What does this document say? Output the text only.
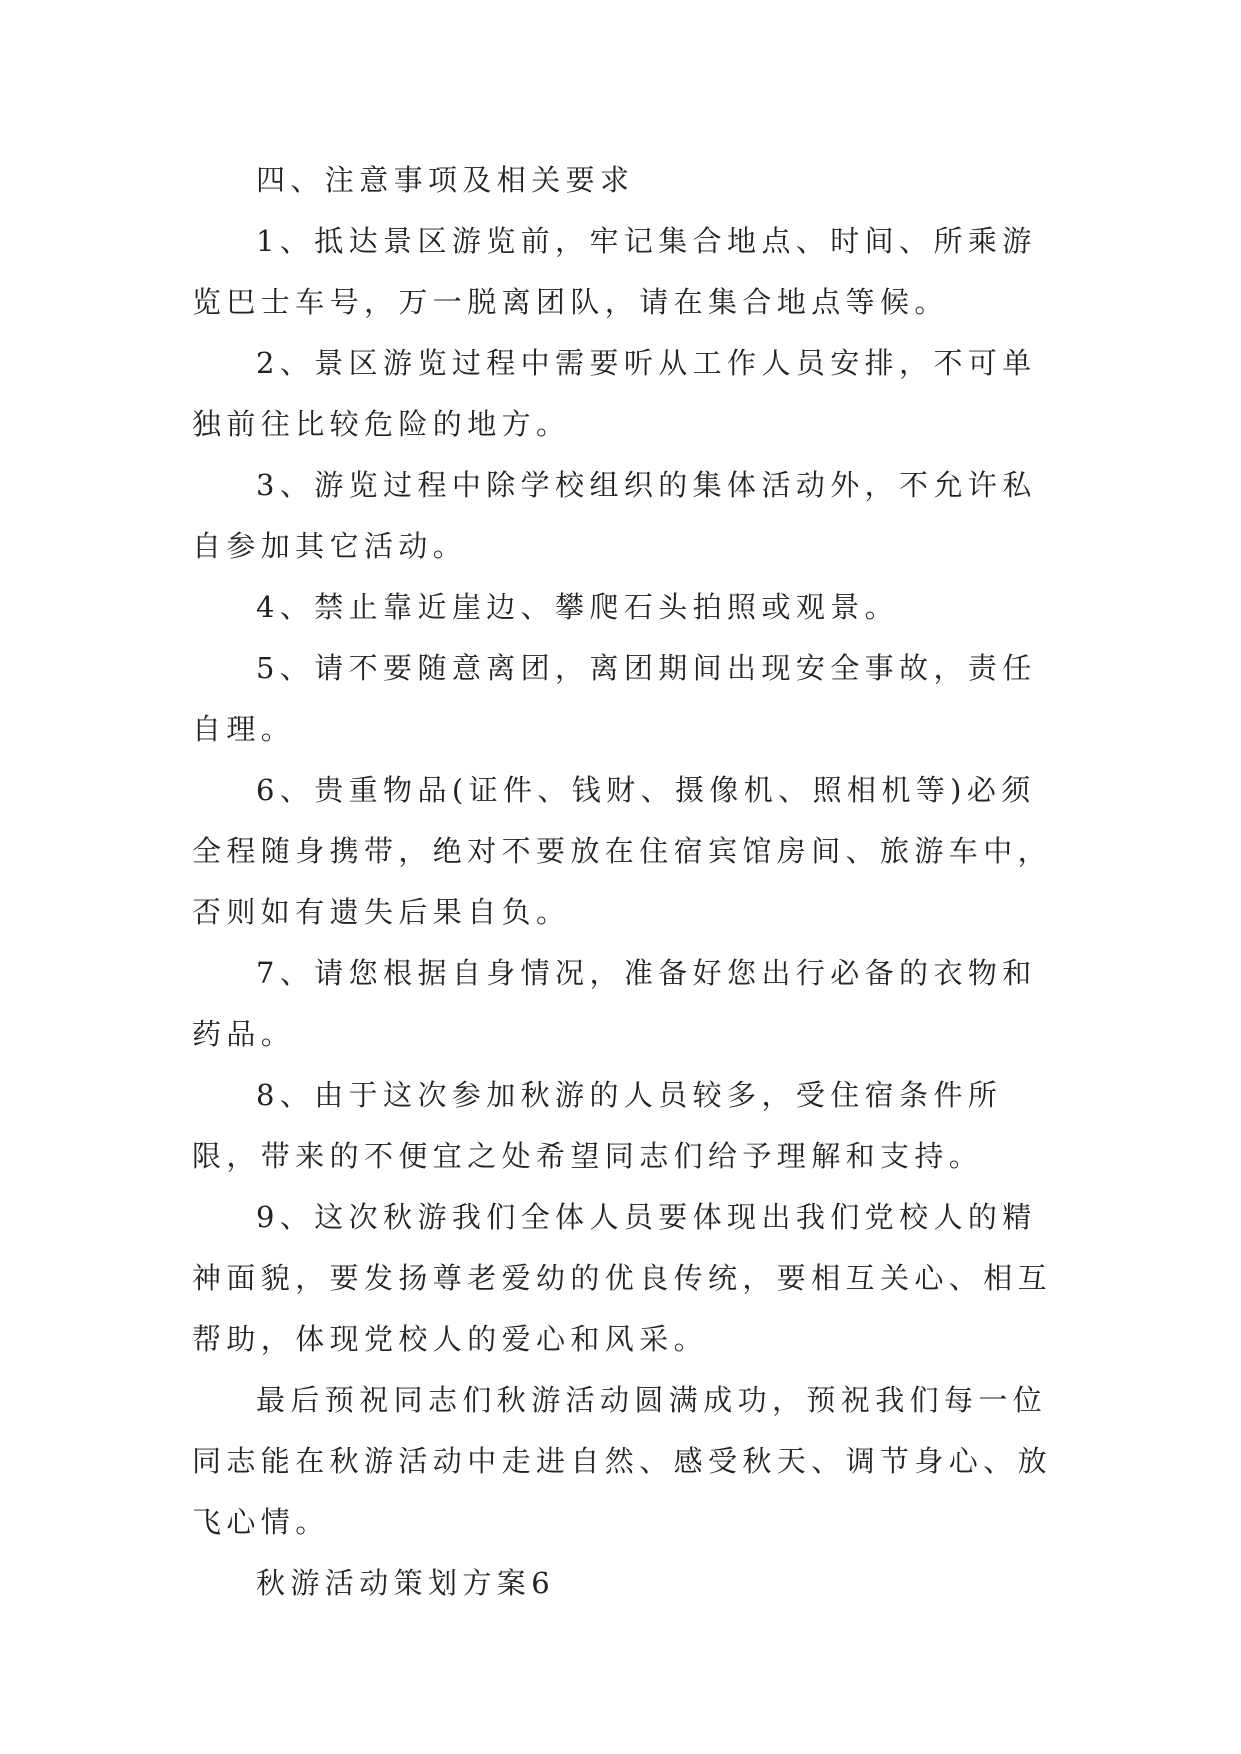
四、注意事项及相关要求

1、抵达景区游览前，牢记集合地点、时间、所乘游览巴士车号，万一脱离团队，请在集合地点等候。

2、景区游览过程中需要听从工作人员安排，不可单独前往比较危险的地方。

3、游览过程中除学校组织的集体活动外，不允许私自参加其它活动。

4、禁止靠近崖边、攀爬石头拍照或观景。

5、请不要随意离团，离团期间出现安全事故，责任自理。

6、贵重物品(证件、钱财、摄像机、照相机等)必须全程随身携带，绝对不要放在住宿宾馆房间、旅游车中，否则如有遗失后果自负。

7、请您根据自身情况，准备好您出行必备的衣物和药品。

8、由于这次参加秋游的人员较多，受住宿条件所限，带来的不便宜之处希望同志们给予理解和支持。

9、这次秋游我们全体人员要体现出我们党校人的精神面貌，要发扬尊老爱幼的优良传统，要相互关心、相互帮助，体现党校人的爱心和风采。

最后预祝同志们秋游活动圆满成功，预祝我们每一位同志能在秋游活动中走进自然、感受秋天、调节身心、放飞心情。

秋游活动策划方案6
